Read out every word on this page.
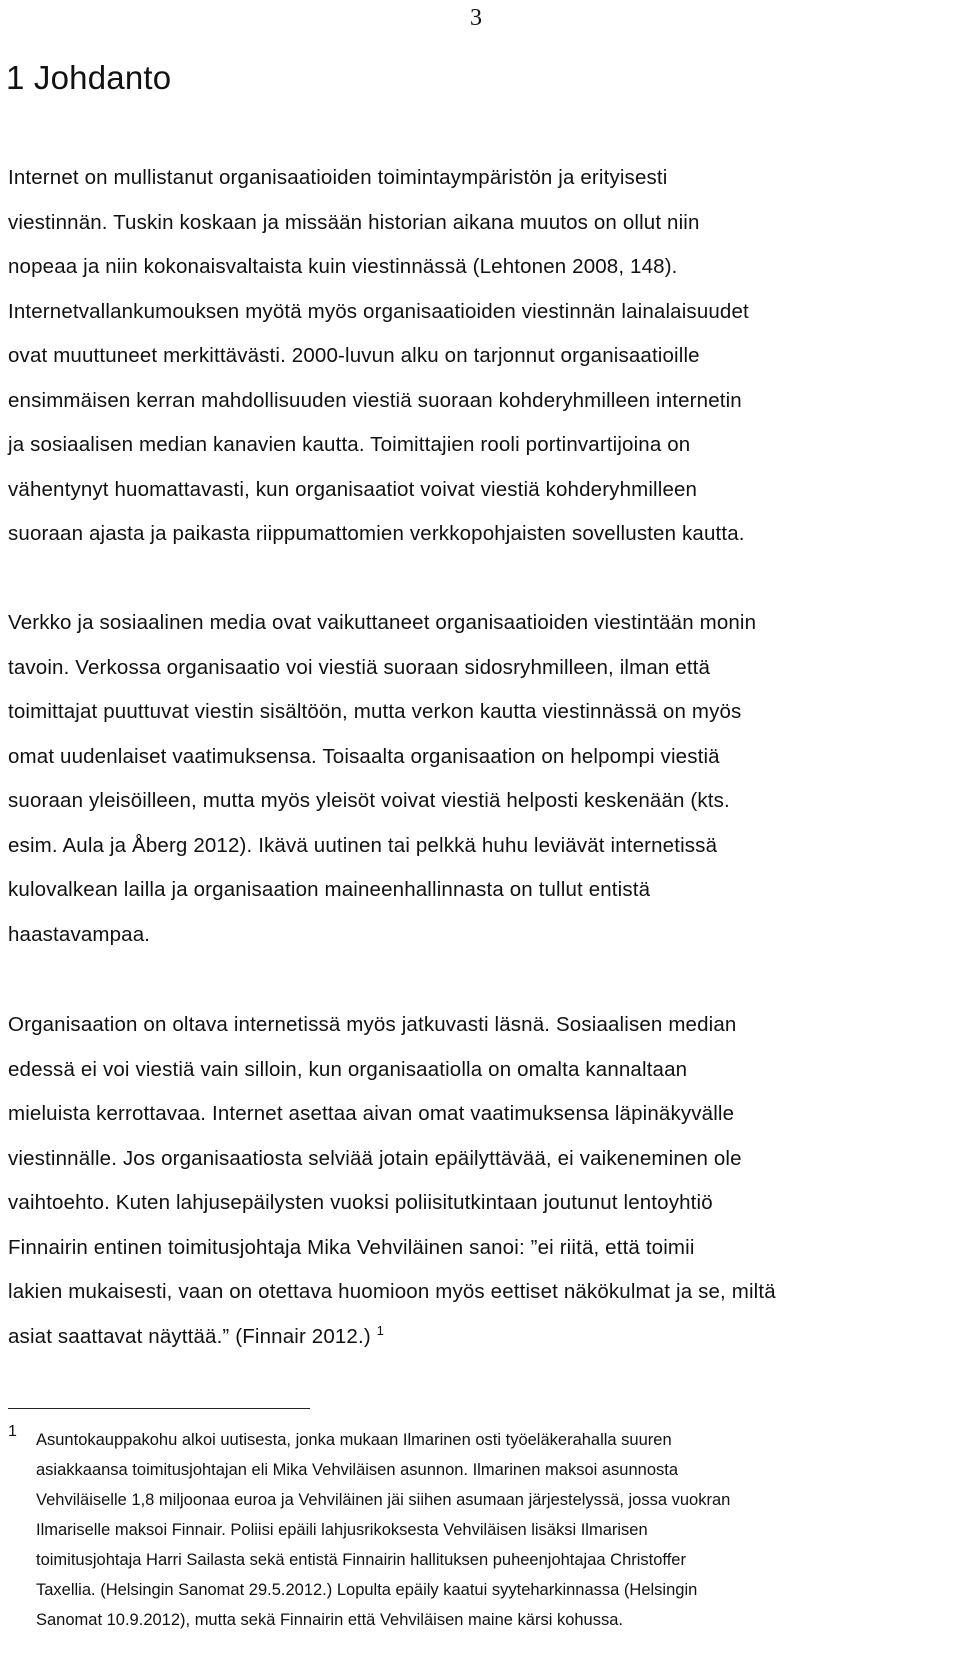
3
1 Johdanto

Internet on mullistanut organisaatioiden toimintaympäristön ja erityisesti
viestinnän. Tuskin koskaan ja missään historian aikana muutos on ollut niin
nopeaa ja niin kokonaisvaltaista kuin viestinnässä (Lehtonen 2008, 148).
Internetvallankumouksen myötä myös organisaatioiden viestinnän lainalaisuudet
ovat muuttuneet merkittävästi. 2000-luvun alku on tarjonnut organisaatioille
ensimmäisen kerran mahdollisuuden viestiä suoraan kohderyhmilleen internetin
ja sosiaalisen median kanavien kautta. Toimittajien rooli portinvartijoina on
vähentynyt huomattavasti, kun organisaatiot voivat viestiä kohderyhmilleen
suoraan ajasta ja paikasta riippumattomien verkkopohjaisten sovellusten kautta.

Verkko ja sosiaalinen media ovat vaikuttaneet organisaatioiden viestintään monin
tavoin. Verkossa organisaatio voi viestiä suoraan sidosryhmilleen, ilman että
toimittajat puuttuvat viestin sisältöön, mutta verkon kautta viestinnässä on myös
omat uudenlaiset vaatimuksensa. Toisaalta organisaation on helpompi viestiä
suoraan yleisöilleen, mutta myös yleisöt voivat viestiä helposti keskenään (kts.
esim. Aula ja Åberg 2012). Ikävä uutinen tai pelkkä huhu leviävät internetissä
kulovalkean lailla ja organisaation maineenhallinnasta on tullut entistä
haastavampaa.

Organisaation on oltava internetissä myös jatkuvasti läsnä. Sosiaalisen median
edessä ei voi viestiä vain silloin, kun organisaatiolla on omalta kannaltaan
mieluista kerrottavaa. Internet asettaa aivan omat vaatimuksensa läpinäkyvälle
viestinnälle. Jos organisaatiosta selviää jotain epäilyttävää, ei vaikeneminen ole
vaihtoehto. Kuten lahjusepäilysten vuoksi poliisitutkintaan joutunut lentoyhtiö
Finnairin entinen toimitusjohtaja Mika Vehviläinen sanoi: ”ei riitä, että toimii
lakien mukaisesti, vaan on otettava huomioon myös eettiset näkökulmat ja se, miltä
asiat saattavat näyttää.” (Finnair 2012.) $^1$

1 Asuntokauppakohu alkoi uutisesta, jonka mukaan Ilmarinen osti työeläkerahalla suuren
asiakkaansa toimitusjohtajan eli Mika Vehviläisen asunnon. Ilmarinen maksoi asunnosta
Vehviläiselle 1,8 miljoonaa euroa ja Vehviläinen jäi siihen asumaan järjestelyssä, jossa vuokran
Ilmariselle maksoi Finnair. Poliisi epäili lahjusrikoksesta Vehviläisen lisäksi Ilmarisen
toimitusjohtaja Harri Sailasta sekä entistä Finnairin hallituksen puheenjohtajaa Christoffer
Taxellia. (Helsingin Sanomat 29.5.2012.) Lopulta epäily kaatui syyteharkinnassa (Helsingin
Sanomat 10.9.2012), mutta sekä Finnairin että Vehviläisen maine kärsi kohussa.
